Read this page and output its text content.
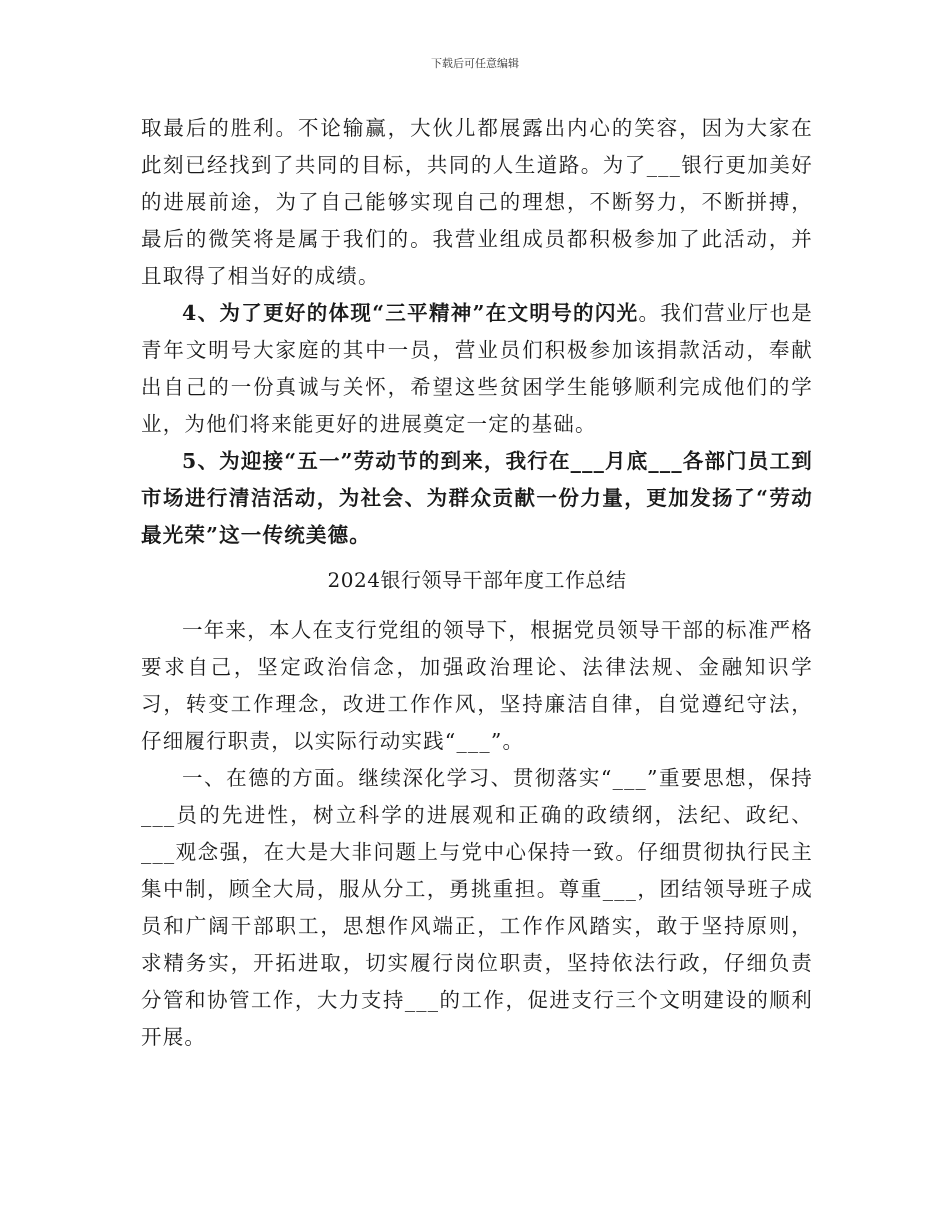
下载后可任意编辑

取最后的胜利。不论输赢，大伙儿都展露出内心的笑容，因为大家在此刻已经找到了共同的目标，共同的人生道路。为了___银行更加美好的进展前途，为了自己能够实现自己的理想，不断努力，不断拼搏，最后的微笑将是属于我们的。我营业组成员都积极参加了此活动，并且取得了相当好的成绩。

4、为了更好的体现“三平精神”在文明号的闪光。我们营业厅也是青年文明号大家庭的其中一员，营业员们积极参加该捐款活动，奉献出自己的一份真诚与关怀，希望这些贫困学生能够顺利完成他们的学业，为他们将来能更好的进展奠定一定的基础。

5、为迎接“五一”劳动节的到来，我行在___月底___各部门员工到市场进行清洁活动，为社会、为群众贡献一份力量，更加发扬了“劳动最光荣”这一传统美德。

2024银行领导干部年度工作总结

一年来，本人在支行党组的领导下，根据党员领导干部的标准严格要求自己，坚定政治信念，加强政治理论、法律法规、金融知识学习，转变工作理念，改进工作作风，坚持廉洁自律，自觉遵纪守法，仔细履行职责，以实际行动实践“___”。

一、在德的方面。继续深化学习、贯彻落实“___”重要思想，保持___员的先进性，树立科学的进展观和正确的政绩纲，法纪、政纪、___观念强，在大是大非问题上与党中心保持一致。仔细贯彻执行民主集中制，顾全大局，服从分工，勇挑重担。尊重___，团结领导班子成员和广阔干部职工，思想作风端正，工作作风踏实，敢于坚持原则，求精务实，开拓进取，切实履行岗位职责，坚持依法行政，仔细负责分管和协管工作，大力支持___的工作，促进支行三个文明建设的顺利开展。
